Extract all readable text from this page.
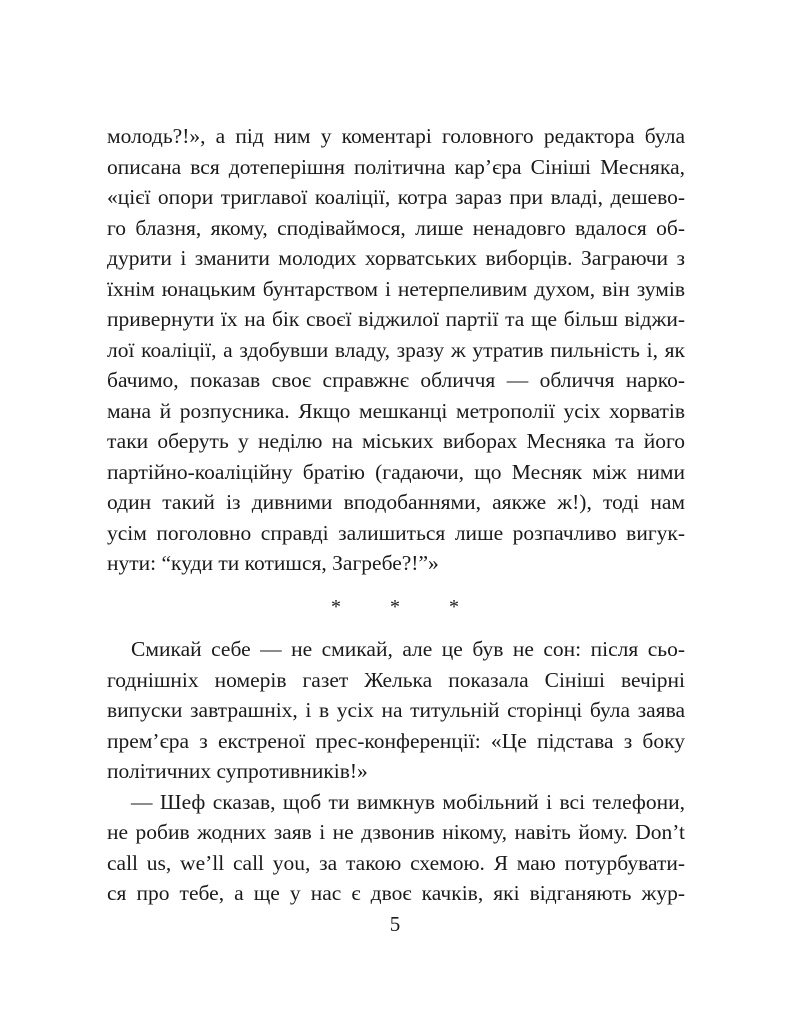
молодь?!», а під ним у коментарі головного редактора була
описана вся дотеперішня політична кар’єра Сініші Месняка,
«цієї опори триглавої коаліції, котра зараз при владі, дешево-
го блазня, якому, сподіваймося, лише ненадовго вдалося об-
дурити і зманити молодих хорватських виборців. Заграючи з
їхнім юнацьким бунтарством і нетерпеливим духом, він зумів
привернути їх на бік своєї віджилої партії та ще більш віджи-
лої коаліції, а здобувши владу, зразу ж утратив пильність і, як
бачимо, показав своє справжнє обличчя — обличчя нарко-
мана й розпусника. Якщо мешканці метрополії усіх хорватів
таки оберуть у неділю на міських виборах Месняка та його
партійно-коаліційну братію (гадаючи, що Месняк між ними
один такий із дивними вподобаннями, аякже ж!), тоді нам
усім поголовно справді залишиться лише розпачливо вигук-
нути: “куди ти котишся, Загребе?!”»
* * *
Смикай себе — не смикай, але це був не сон: після сьо-
годнішніх номерів газет Желька показала Сініші вечірні
випуски завтрашніх, і в усіх на титульній сторінці була заява
прем’єра з екстреної прес-конференції: «Це підстава з боку
політичних супротивників!»
— Шеф сказав, щоб ти вимкнув мобільний і всі телефони,
не робив жодних заяв і не дзвонив нікому, навіть йому. Don’t
call us, we’ll call you, за такою схемою. Я маю потурбувати-
ся про тебе, а ще у нас є двоє качків, які відганяють жур-
5
